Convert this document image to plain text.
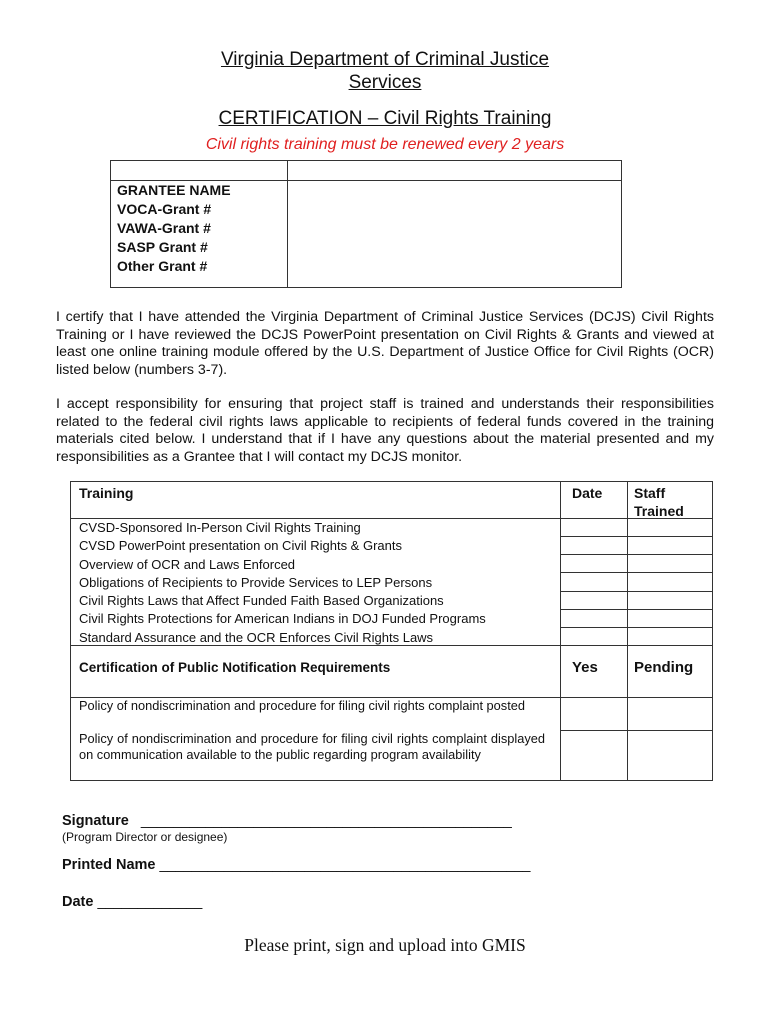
Virginia Department of Criminal Justice
Services
CERTIFICATION – Civil Rights Training
Civil rights training must be renewed every 2 years
GRANTEE NAME
VOCA-Grant #
VAWA-Grant #
SASP Grant #
Other Grant #

I certify that I have attended the Virginia Department of Criminal Justice Services (DCJS) Civil Rights Training or I have reviewed the DCJS PowerPoint presentation on Civil Rights & Grants and viewed at least one online training module offered by the U.S. Department of Justice Office for Civil Rights (OCR) listed below (numbers 3-7).

I accept responsibility for ensuring that project staff is trained and understands their responsibilities related to the federal civil rights laws applicable to recipients of federal funds covered in the training materials cited below. I understand that if I have any questions about the material presented and my responsibilities as a Grantee that I will contact my DCJS monitor.

Training	Date Staff
Trained
CVSD-Sponsored In-Person Civil Rights Training
CVSD PowerPoint presentation on Civil Rights & Grants
Overview of OCR and Laws Enforced
Obligations of Recipients to Provide Services to LEP Persons
Civil Rights Laws that Affect Funded Faith Based Organizations
Civil Rights Protections for American Indians in DOJ Funded Programs
Standard Assurance and the OCR Enforces Civil Rights Laws
Certification of Public Notification Requirements	Yes Pending
Policy of nondiscrimination and procedure for filing civil rights complaint posted
Policy of nondiscrimination and procedure for filing civil rights complaint displayed on communication available to the public regarding program availability
Signature ______________________________________________
(Program Director or designee)
Printed Name ______________________________________________
Date _____________
Please print, sign and upload into GMIS
